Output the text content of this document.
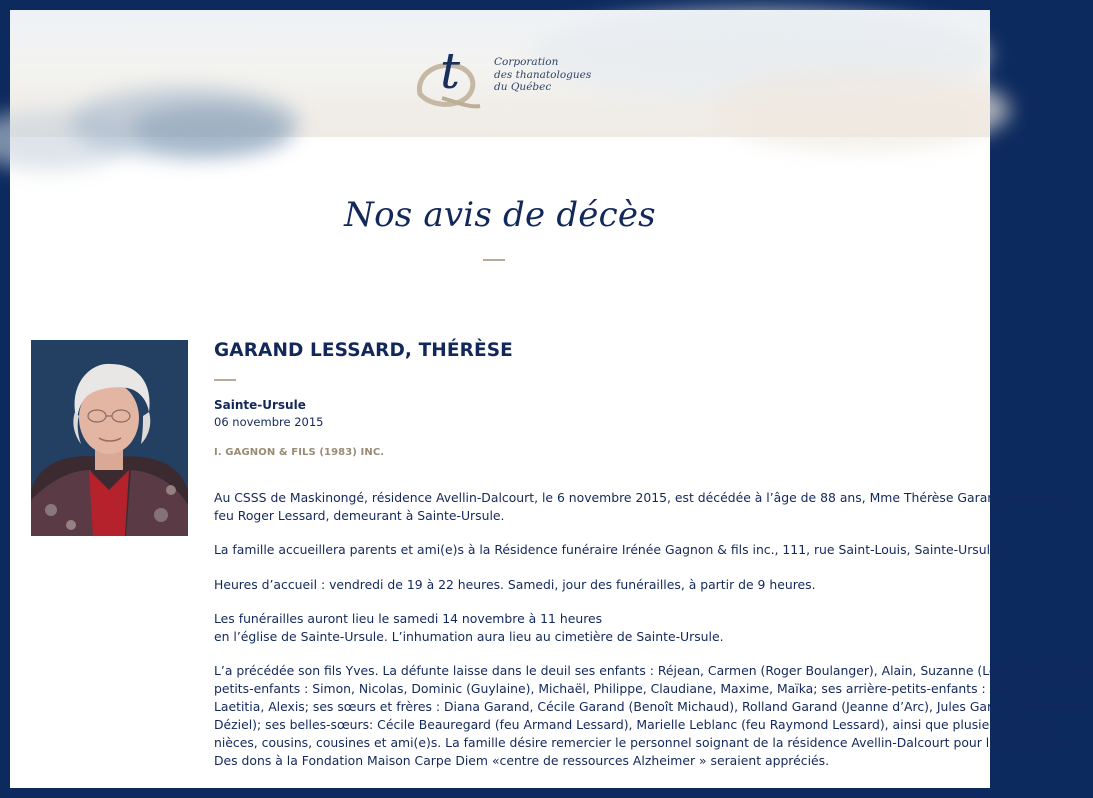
t	Corporation
des thanatologues
du Québec
Nos avis de décès
GARAND LESSARD, THÉRÈSE
Sainte-Ursule
06 novembre 2015
I. GAGNON & FILS (1983) INC.
Au CSSS de Maskinongé, résidence Avellin-Dalcourt, le 6 novembre 2015, est décédée à l’âge de 88 ans, Mme Thérèse Garand, épouse de
feu Roger Lessard, demeurant à Sainte-Ursule.
La famille accueillera parents et ami(e)s à la Résidence funéraire Irénée Gagnon & fils inc., 111, rue Saint-Louis, Sainte-Ursule.
Heures d’accueil : vendredi de 19 à 22 heures. Samedi, jour des funérailles, à partir de 9 heures.
Les funérailles auront lieu le samedi 14 novembre à 11 heures
en l’église de Sainte-Ursule. L’inhumation aura lieu au cimetière de Sainte-Ursule.
L’a précédée son fils Yves. La défunte laisse dans le deuil ses enfants : Réjean, Carmen (Roger Boulanger), Alain, Suzanne (Lévis Tessier); ses
petits-enfants : Simon, Nicolas, Dominic (Guylaine), Michaël, Philippe, Claudiane, Maxime, Maïka; ses arrière-petits-enfants : Alyssa,
Laetitia, Alexis; ses sœurs et frères : Diana Garand, Cécile Garand (Benoît Michaud), Rolland Garand (Jeanne d’Arc), Jules Garand (Jeannette
Déziel); ses belles-sœurs: Cécile Beauregard (feu Armand Lessard), Marielle Leblanc (feu Raymond Lessard), ainsi que plusieurs neveux,
nièces, cousins, cousines et ami(e)s. La famille désire remercier le personnel soignant de la résidence Avellin-Dalcourt pour les bons soins.
Des dons à la Fondation Maison Carpe Diem «centre de ressources Alzheimer » seraient appréciés.
